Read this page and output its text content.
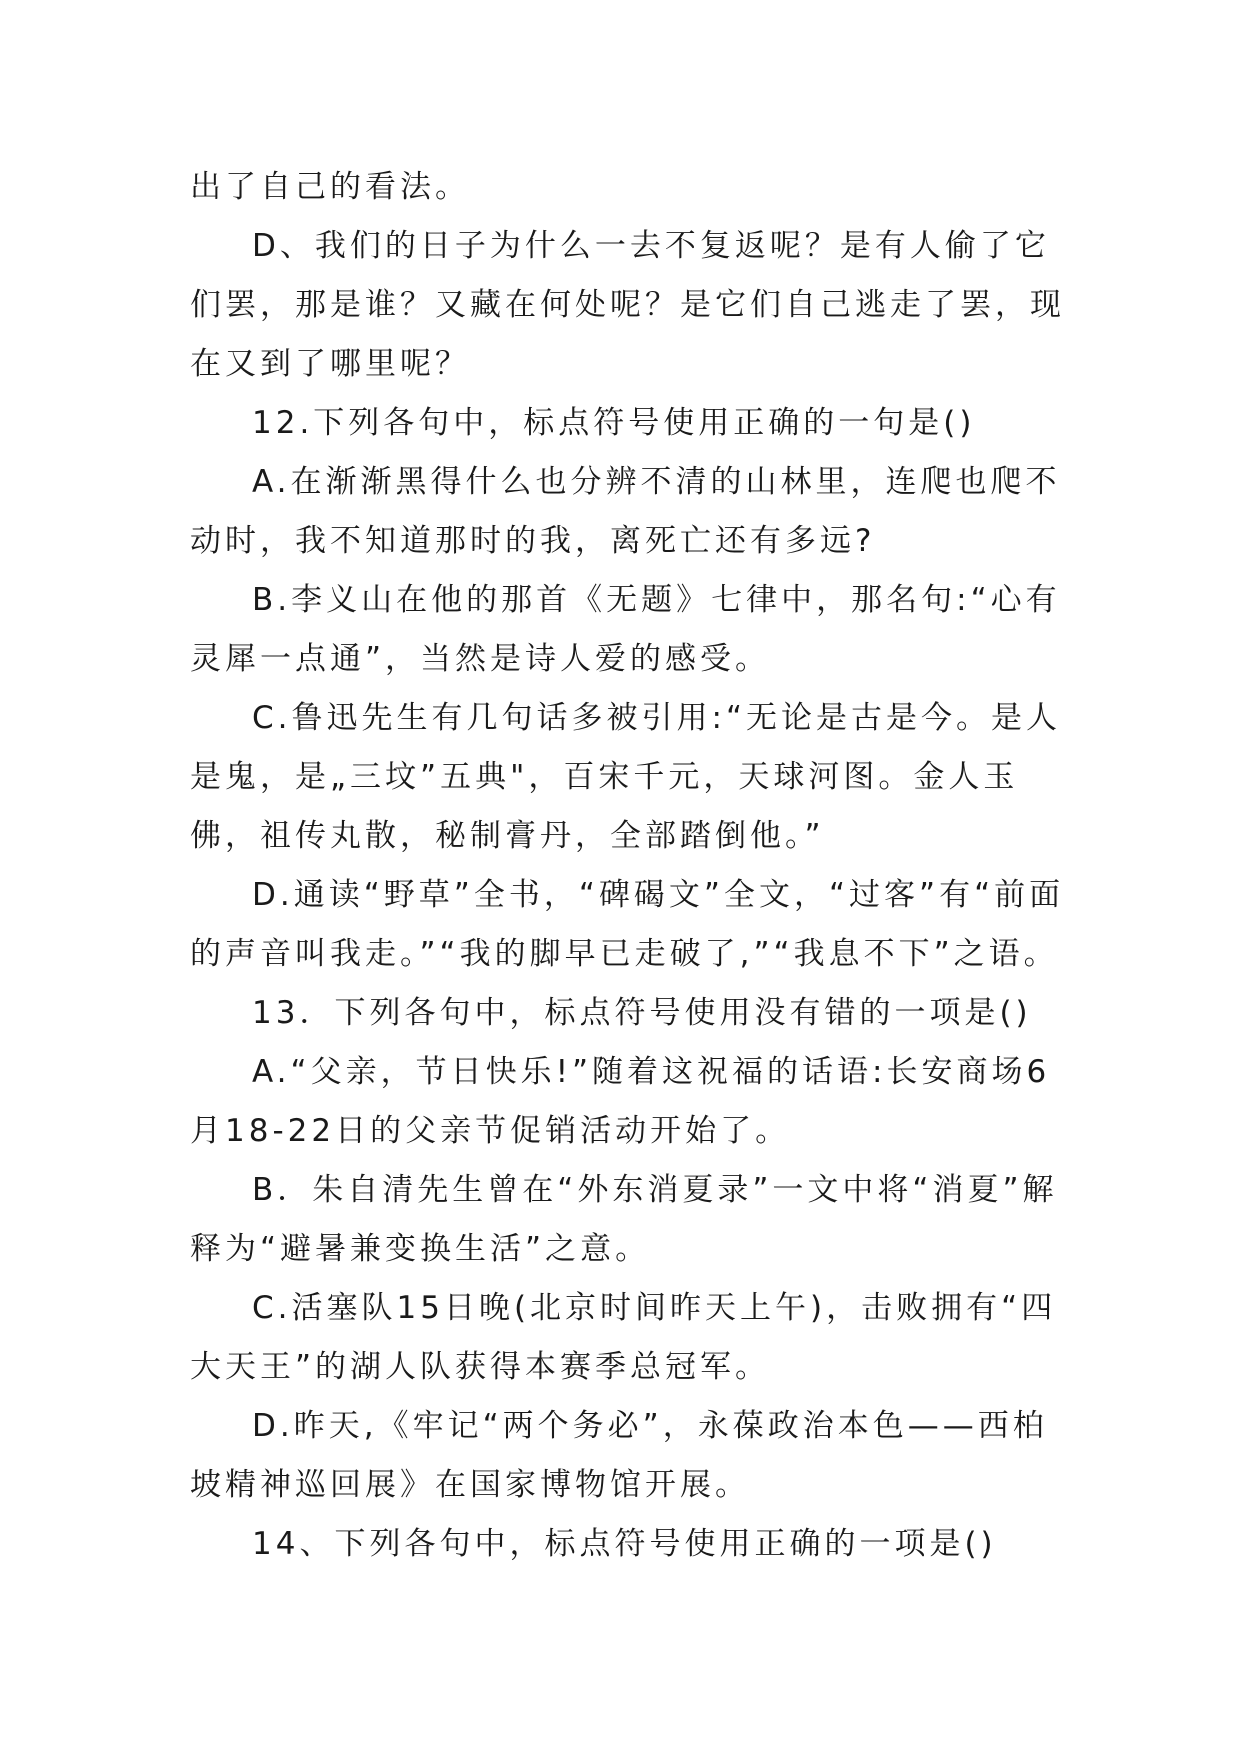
出了自己的看法。

D、我们的日子为什么一去不复返呢？是有人偷了它们罢，那是谁？又藏在何处呢？是它们自己逃走了罢，现在又到了哪里呢？

12.下列各句中，标点符号使用正确的一句是()

A.在渐渐黑得什么也分辨不清的山林里，连爬也爬不动时，我不知道那时的我，离死亡还有多远?

B.李义山在他的那首《无题》七律中，那名句:“心有灵犀一点通”，当然是诗人爱的感受。

C.鲁迅先生有几句话多被引用:“无论是古是今。是人是鬼，是„三坟”五典"，百宋千元，天球河图。金人玉佛，祖传丸散，秘制膏丹，全部踏倒他。”

D.通读“野草”全书，“碑碣文”全文，“过客”有“前面的声音叫我走。”“我的脚早已走破了,”“我息不下”之语。

13．下列各句中，标点符号使用没有错的一项是()

A.“父亲，节日快乐!”随着这祝福的话语:长安商场6月18-22日的父亲节促销活动开始了。

B．朱自清先生曾在“外东消夏录”一文中将“消夏”解释为“避暑兼变换生活”之意。

C.活塞队15日晚(北京时间昨天上午)，击败拥有“四大天王”的湖人队获得本赛季总冠军。

D.昨天,《牢记“两个务必”，永葆政治本色——西柏坡精神巡回展》在国家博物馆开展。

14、下列各句中，标点符号使用正确的一项是()
